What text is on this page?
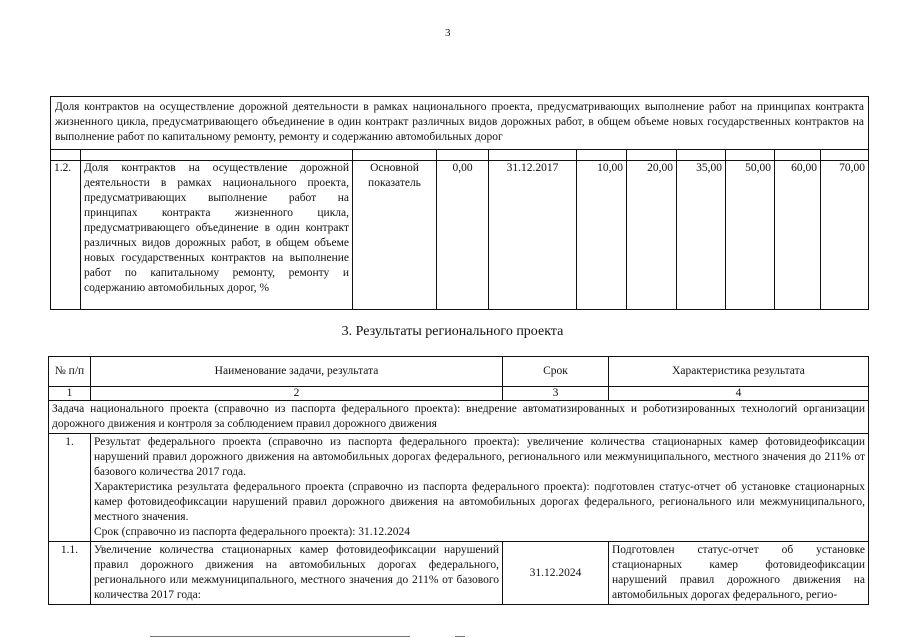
3
Доля контрактов на осуществление дорожной деятельности в рамках национального проекта, предусматривающих выполнение работ на принципах контракта жизненного цикла, предусматривающего объединение в один контракт различных видов дорожных работ, в общем объеме новых государственных контрактов на выполнение работ по капитальному ремонту, ремонту и содержанию автомобильных дорог										

1.2.	Доля контрактов на осуществление дорожной деятельности в рамках национального проекта, предусматривающих выполнение работ на принципах контракта жизненного цикла, предусматривающего объединение в один контракт различных видов дорожных работ, в общем объеме новых государственных контрактов на выполнение работ по капитальному ремонту, ремонту и содержанию автомобильных дорог, %	Основной показатель	0,00	31.12.2017	10,00	20,00	35,00	50,00	60,00	70,00
3. Результаты регионального проекта
№ п/п	Наименование задачи, результата	Срок	Характеристика результата
1	2	3	4
Задача национального проекта (справочно из паспорта федерального проекта): внедрение автоматизированных и роботизированных технологий организации дорожного движения и контроля за соблюдением правил дорожного движения			
1.	Результат федерального проекта (справочно из паспорта федерального проекта): увеличение количества стационарных камер фотовидеофиксации нарушений правил дорожного движения на автомобильных дорогах федерального, регионального или межмуниципального, местного значения до 211% от базового количества 2017 года.
Характеристика результата федерального проекта (справочно из паспорта федерального проекта): подготовлен статус-отчет об установке стационарных камер фотовидеофиксации нарушений правил дорожного движения на автомобильных дорогах федерального, регионального или межмуниципального, местного значения.
Срок (справочно из паспорта федерального проекта): 31.12.2024		

1.1.	Увеличение количества стационарных камер фотовидеофиксации нарушений правил дорожного движения на автомобильных дорогах федерального, регионального или межмуниципального, местного значения до 211% от базового количества 2017 года:	31.12.2024	Подготовлен статус-отчет об установке стационарных камер фотовидеофиксации нарушений правил дорожного движения на автомобильных дорогах федерального, регио-
